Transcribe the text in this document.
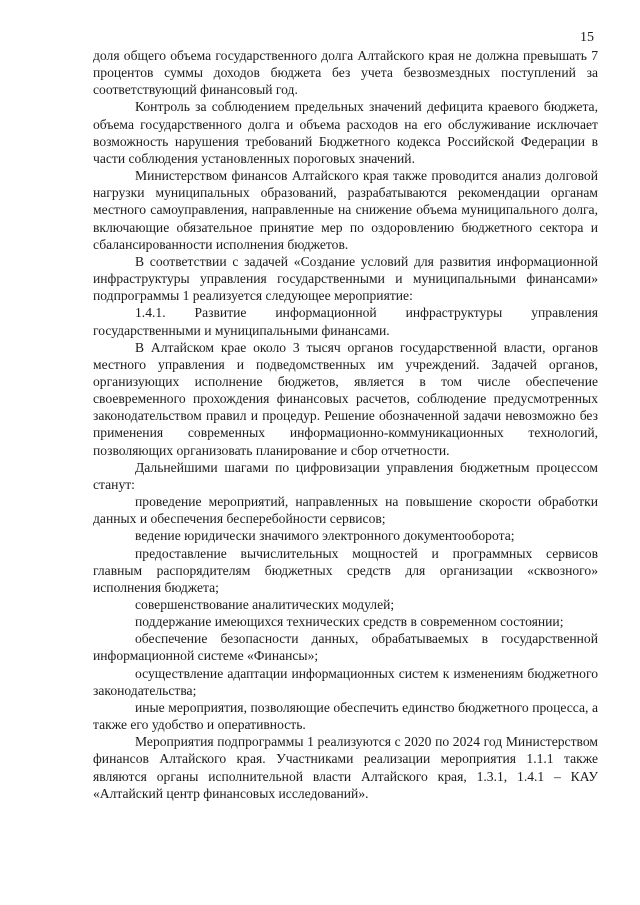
15

доля общего объема государственного долга Алтайского края не должна превышать 7 процентов суммы доходов бюджета без учета безвозмездных поступлений за соответствующий финансовый год.

Контроль за соблюдением предельных значений дефицита краевого бюджета, объема государственного долга и объема расходов на его обслуживание исключает возможность нарушения требований Бюджетного кодекса Российской Федерации в части соблюдения установленных пороговых значений.

Министерством финансов Алтайского края также проводится анализ долговой нагрузки муниципальных образований, разрабатываются рекомендации органам местного самоуправления, направленные на снижение объема муниципального долга, включающие обязательное принятие мер по оздоровлению бюджетного сектора и сбалансированности исполнения бюджетов.

В соответствии с задачей «Создание условий для развития информационной инфраструктуры управления государственными и муниципальными финансами» подпрограммы 1 реализуется следующее мероприятие:

1.4.1. Развитие информационной инфраструктуры управления государственными и муниципальными финансами.

В Алтайском крае около 3 тысяч органов государственной власти, органов местного управления и подведомственных им учреждений. Задачей органов, организующих исполнение бюджетов, является в том числе обеспечение своевременного прохождения финансовых расчетов, соблюдение предусмотренных законодательством правил и процедур. Решение обозначенной задачи невозможно без применения современных информационно-коммуникационных технологий, позволяющих организовать планирование и сбор отчетности.

Дальнейшими шагами по цифровизации управления бюджетным процессом станут:

проведение мероприятий, направленных на повышение скорости обработки данных и обеспечения бесперебойности сервисов;

ведение юридически значимого электронного документооборота;

предоставление вычислительных мощностей и программных сервисов главным распорядителям бюджетных средств для организации «сквозного» исполнения бюджета;

совершенствование аналитических модулей;

поддержание имеющихся технических средств в современном состоянии;

обеспечение безопасности данных, обрабатываемых в государственной информационной системе «Финансы»;

осуществление адаптации информационных систем к изменениям бюджетного законодательства;

иные мероприятия, позволяющие обеспечить единство бюджетного процесса, а также его удобство и оперативность.

Мероприятия подпрограммы 1 реализуются с 2020 по 2024 год Министерством финансов Алтайского края. Участниками реализации мероприятия 1.1.1 также являются органы исполнительной власти Алтайского края, 1.3.1, 1.4.1 – КАУ «Алтайский центр финансовых исследований».
